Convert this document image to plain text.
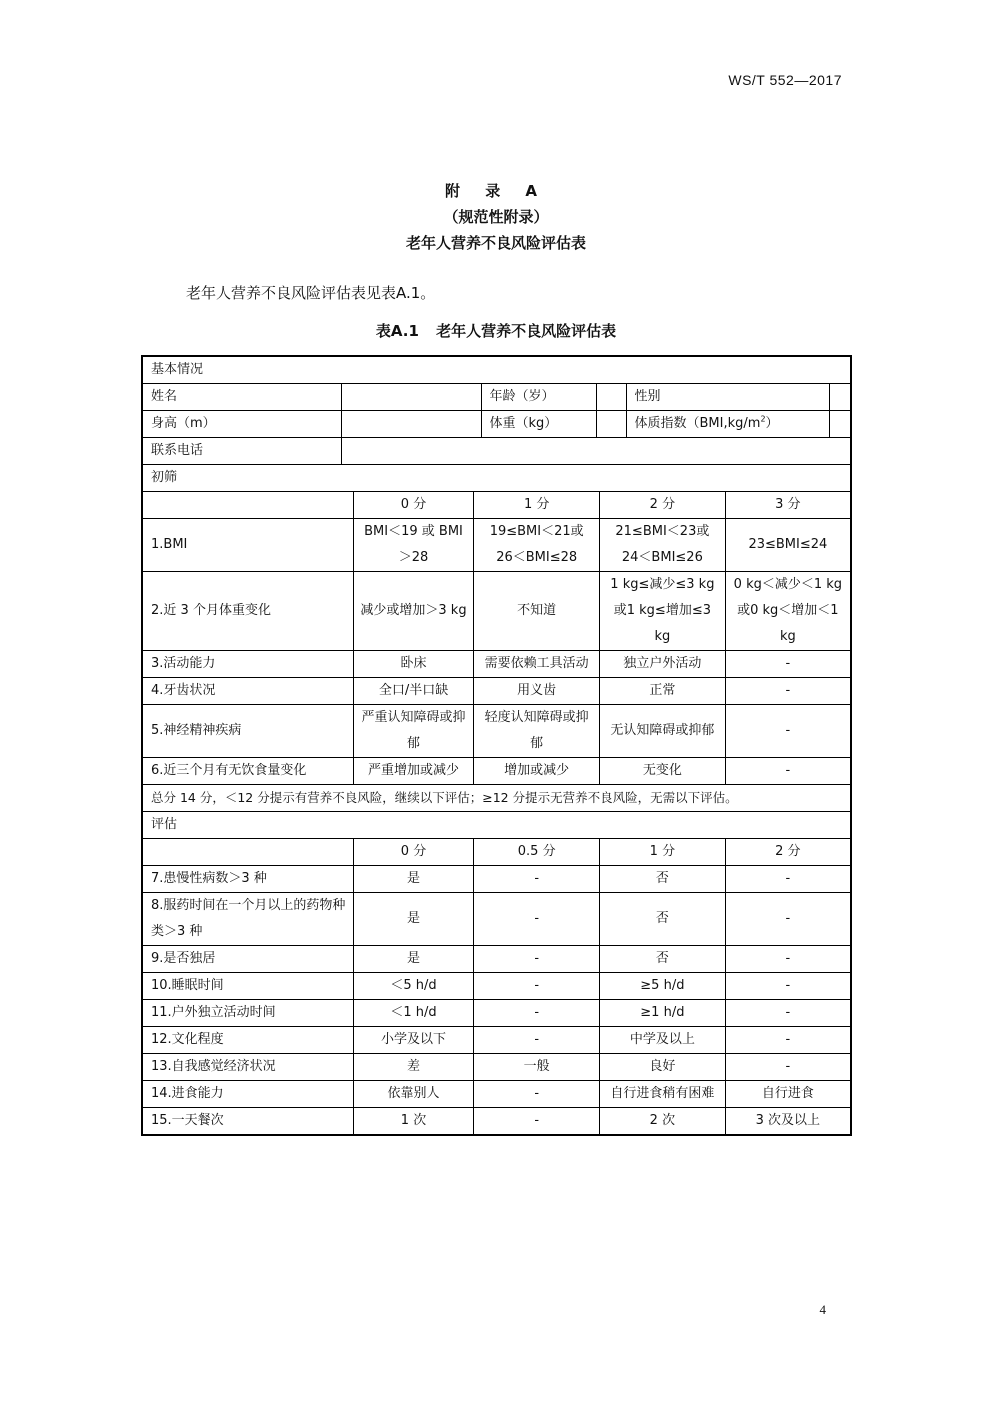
WS/T 552—2017
附 录 A
（规范性附录）
老年人营养不良风险评估表
老年人营养不良风险评估表见表A.1。
表A.1 老年人营养不良风险评估表
基本情况

姓名		年龄（岁）		性别	
身高（m）		体重（kg）		体质指数$(BMI,kg/m^2)$	
联系电话	

初筛
	0 分	1 分	2 分	3 分
1.BMI	BMI＜19 或 BMI＞28	19≤BMI＜21或 26＜BMI≤28	21≤BMI＜23或 24＜BMI≤26	23≤BMI≤24
2.近 3 个月体重变化	减少或增加＞3 kg	不知道	1 kg≤减少≤3 kg 或1 kg≤增加≤3 kg	0 kg＜减少＜1 kg 或0 kg＜增加＜1 kg
3.活动能力	卧床	需要依赖工具活动	独立户外活动	-
4.牙齿状况	全口/半口缺	用义齿	正常	-
5.神经精神疾病	严重认知障碍或抑郁	轻度认知障碍或抑郁	无认知障碍或抑郁	-
6.近三个月有无饮食量变化	严重增加或减少	增加或减少	无变化	-
总分 14 分，＜12 分提示有营养不良风险，继续以下评估；≥12 分提示无营养不良风险，无需以下评估。
评估
	0 分	0.5 分	1 分	2 分
7.患慢性病数＞3 种	是	-	否	-
8.服药时间在一个月以上的药物种类＞3 种	是	-	否	-
9.是否独居	是	-	否	-
10.睡眠时间	＜5 h/d	-	≥5 h/d	-
11.户外独立活动时间	＜1 h/d	-	≥1 h/d	-
12.文化程度	小学及以下	-	中学及以上	-
13.自我感觉经济状况	差	一般	良好	-
14.进食能力	依靠别人	-	自行进食稍有困难	自行进食
15.一天餐次	1 次	-	2 次	3 次及以上
4
